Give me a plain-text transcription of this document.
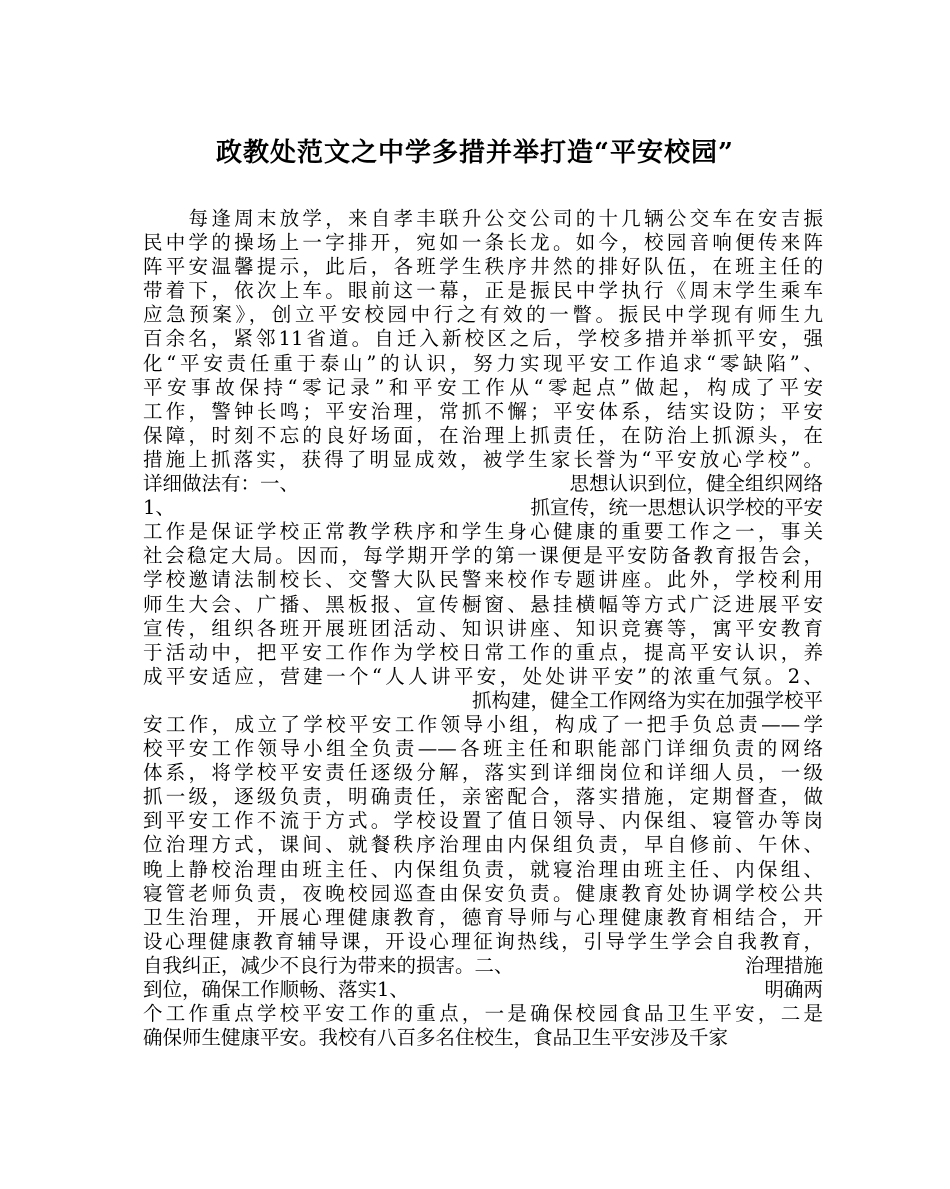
政教处范文之中学多措并举打造“平安校园”
　　每逢周末放学，来自孝丰联升公交公司的十几辆公交车在安吉振
民中学的操场上一字排开，宛如一条长龙。如今，校园音响便传来阵
阵平安温馨提示，此后，各班学生秩序井然的排好队伍，在班主任的
带着下，依次上车。眼前这一幕，正是振民中学执行《周末学生乘车
应急预案》，创立平安校园中行之有效的一瞥。振民中学现有师生九
百余名，紧邻11省道。自迁入新校区之后，学校多措并举抓平安，强
化“平安责任重于泰山”的认识，努力实现平安工作追求“零缺陷”、
平安事故保持“零记录”和平安工作从“零起点”做起，构成了平安
工作，警钟长鸣；平安治理，常抓不懈；平安体系，结实设防；平安
保障，时刻不忘的良好场面，在治理上抓责任，在防治上抓源头，在
措施上抓落实，获得了明显成效，被学生家长誉为“平安放心学校”。
详细做法有：一、	思想认识到位，健全组织网络
1、	抓宣传，统一思想认识学校的平安
工作是保证学校正常教学秩序和学生身心健康的重要工作之一，事关
社会稳定大局。因而，每学期开学的第一课便是平安防备教育报告会，
学校邀请法制校长、交警大队民警来校作专题讲座。此外，学校利用
师生大会、广播、黑板报、宣传橱窗、悬挂横幅等方式广泛进展平安
宣传，组织各班开展班团活动、知识讲座、知识竞赛等，寓平安教育
于活动中，把平安工作作为学校日常工作的重点，提高平安认识，养
成平安适应，营建一个“人人讲平安，处处讲平安”的浓重气氛。2、
抓构建，健全工作网络为实在加强学校平
安工作，成立了学校平安工作领导小组，构成了一把手负总责——学
校平安工作领导小组全负责——各班主任和职能部门详细负责的网络
体系，将学校平安责任逐级分解，落实到详细岗位和详细人员，一级
抓一级，逐级负责，明确责任，亲密配合，落实措施，定期督查，做
到平安工作不流于方式。学校设置了值日领导、内保组、寝管办等岗
位治理方式，课间、就餐秩序治理由内保组负责，早自修前、午休、
晚上静校治理由班主任、内保组负责，就寝治理由班主任、内保组、
寝管老师负责，夜晚校园巡查由保安负责。健康教育处协调学校公共
卫生治理，开展心理健康教育，德育导师与心理健康教育相结合，开
设心理健康教育辅导课，开设心理征询热线，引导学生学会自我教育，
自我纠正，减少不良行为带来的损害。二、	治理措施
到位，确保工作顺畅、落实1、	明确两
个工作重点学校平安工作的重点，一是确保校园食品卫生平安，二是
确保师生健康平安。我校有八百多名住校生，食品卫生平安涉及千家
